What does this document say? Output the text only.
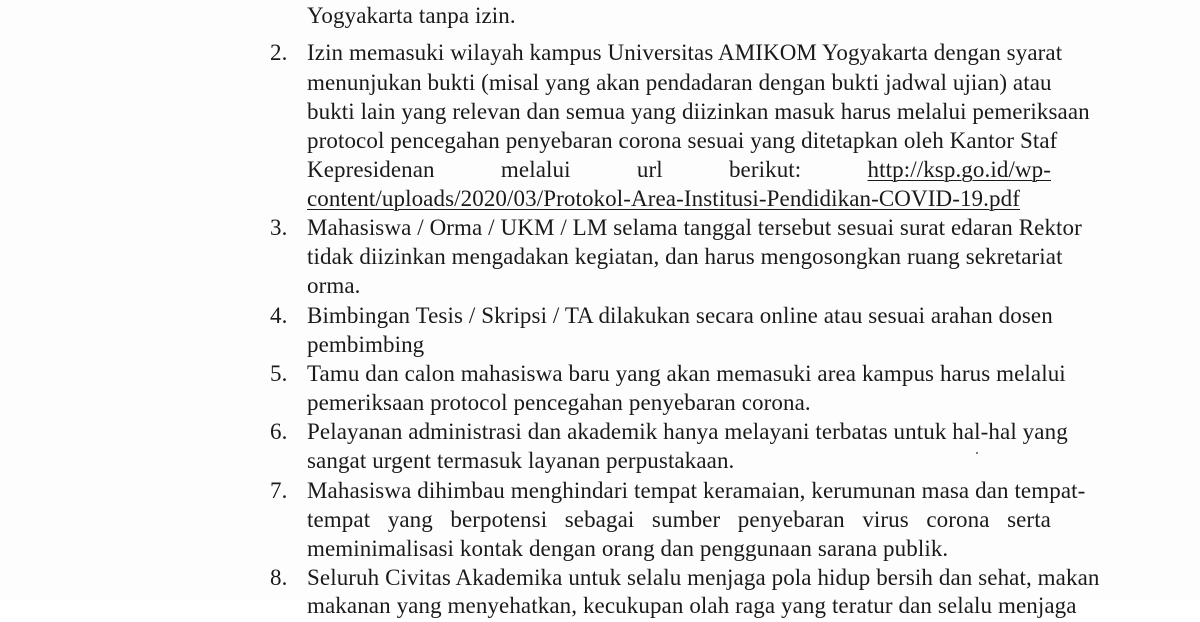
Yogyakarta tanpa izin.
2. Izin memasuki wilayah kampus Universitas AMIKOM Yogyakarta dengan syarat
menunjukan bukti (misal yang akan pendadaran dengan bukti jadwal ujian) atau
bukti lain yang relevan dan semua yang diizinkan masuk harus melalui pemeriksaan
protocol pencegahan penyebaran corona sesuai yang ditetapkan oleh Kantor Staf
Kepresidenan	melalui	url	berikut:	http://ksp.go.id/wp-
content/uploads/2020/03/Protokol-Area-Institusi-Pendidikan-COVID-19.pdf
3. Mahasiswa / Orma / UKM / LM selama tanggal tersebut sesuai surat edaran Rektor
tidak diizinkan mengadakan kegiatan, dan harus mengosongkan ruang sekretariat
orma.
4. Bimbingan Tesis / Skripsi / TA dilakukan secara online atau sesuai arahan dosen
pembimbing
5. Tamu dan calon mahasiswa baru yang akan memasuki area kampus harus melalui
pemeriksaan protocol pencegahan penyebaran corona.
6. Pelayanan administrasi dan akademik hanya melayani terbatas untuk hal-hal yang
sangat urgent termasuk layanan perpustakaan.
7. Mahasiswa dihimbau menghindari tempat keramaian, kerumunan masa dan tempat-
tempat yang berpotensi sebagai sumber penyebaran virus corona serta
meminimalisasi kontak dengan orang dan penggunaan sarana publik.
8. Seluruh Civitas Akademika untuk selalu menjaga pola hidup bersih dan sehat, makan
makanan yang menyehatkan, kecukupan olah raga yang teratur dan selalu menjaga
